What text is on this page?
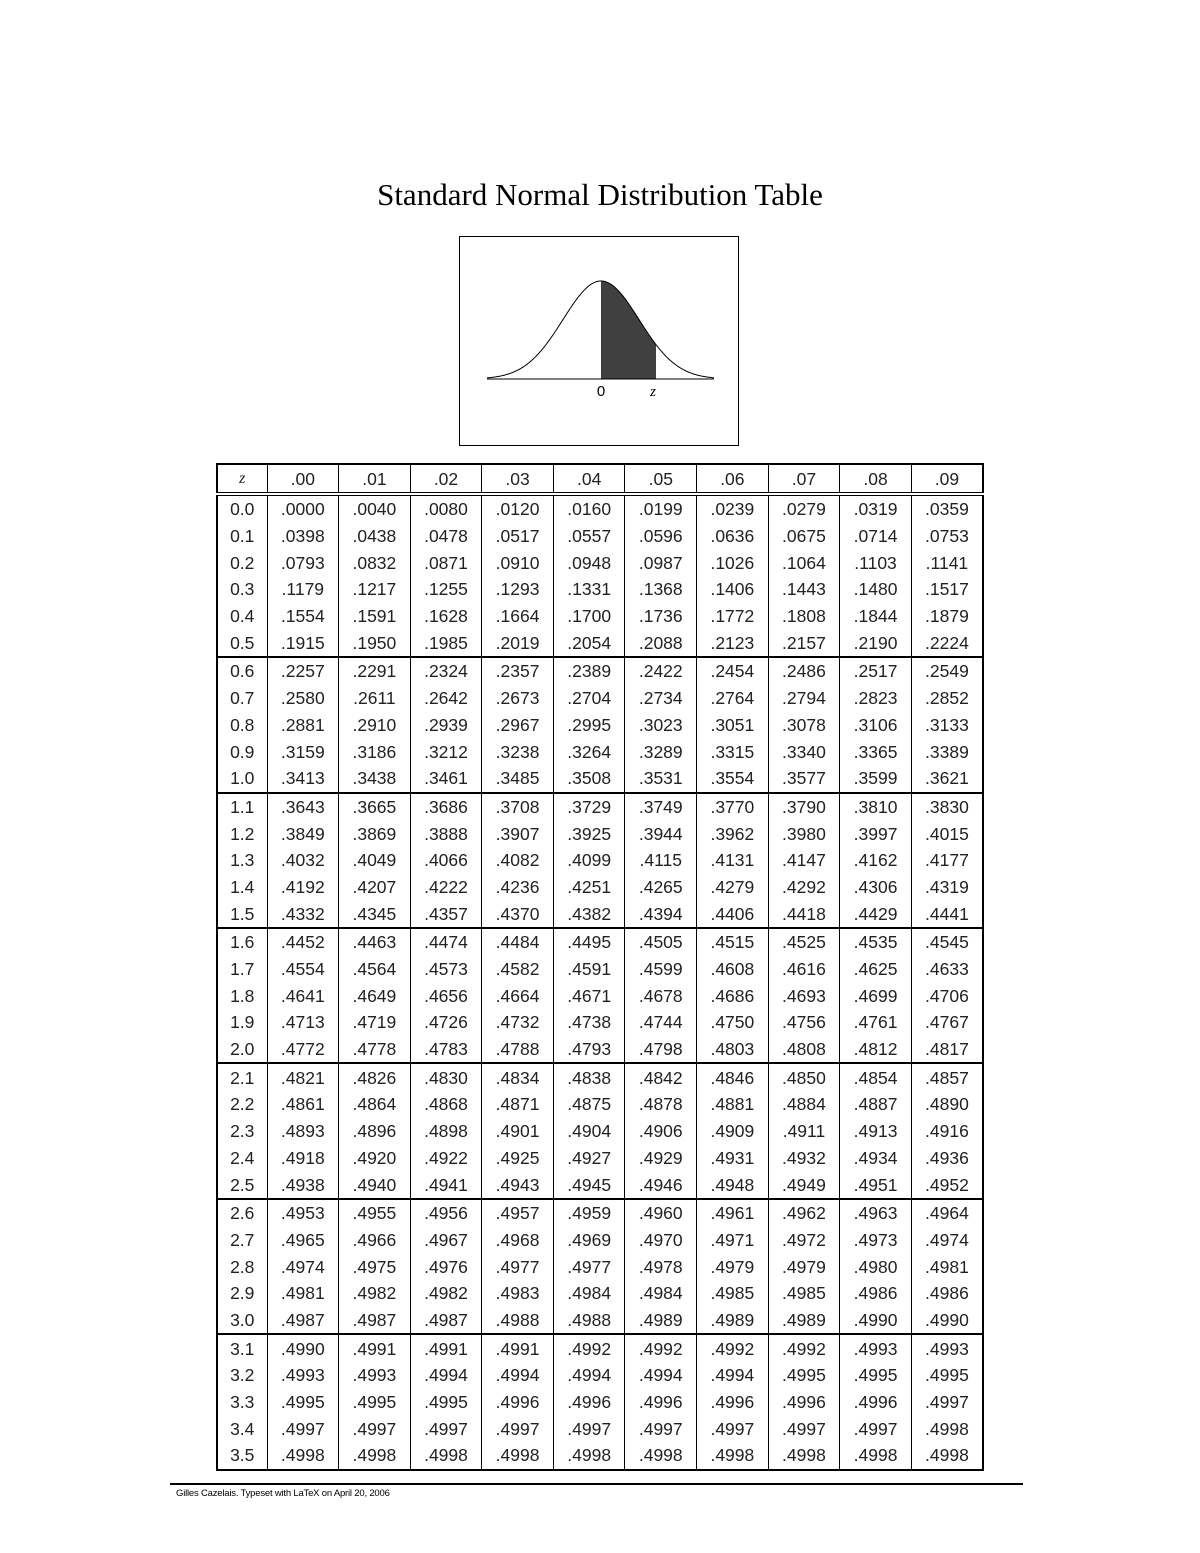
Standard Normal Distribution Table
0	z
z	.00	.01	.02	.03	.04	.05	.06	.07	.08	.09
0.0	.0000	.0040	.0080	.0120	.0160	.0199	.0239	.0279	.0319	.0359
0.1	.0398	.0438	.0478	.0517	.0557	.0596	.0636	.0675	.0714	.0753
0.2	.0793	.0832	.0871	.0910	.0948	.0987	.1026	.1064	.1103	.1141
0.3	.1179	.1217	.1255	.1293	.1331	.1368	.1406	.1443	.1480	.1517
0.4	.1554	.1591	.1628	.1664	.1700	.1736	.1772	.1808	.1844	.1879
0.5	.1915	.1950	.1985	.2019	.2054	.2088	.2123	.2157	.2190	.2224
0.6	.2257	.2291	.2324	.2357	.2389	.2422	.2454	.2486	.2517	.2549
0.7	.2580	.2611	.2642	.2673	.2704	.2734	.2764	.2794	.2823	.2852
0.8	.2881	.2910	.2939	.2967	.2995	.3023	.3051	.3078	.3106	.3133
0.9	.3159	.3186	.3212	.3238	.3264	.3289	.3315	.3340	.3365	.3389
1.0	.3413	.3438	.3461	.3485	.3508	.3531	.3554	.3577	.3599	.3621
1.1	.3643	.3665	.3686	.3708	.3729	.3749	.3770	.3790	.3810	.3830
1.2	.3849	.3869	.3888	.3907	.3925	.3944	.3962	.3980	.3997	.4015
1.3	.4032	.4049	.4066	.4082	.4099	.4115	.4131	.4147	.4162	.4177
1.4	.4192	.4207	.4222	.4236	.4251	.4265	.4279	.4292	.4306	.4319
1.5	.4332	.4345	.4357	.4370	.4382	.4394	.4406	.4418	.4429	.4441
1.6	.4452	.4463	.4474	.4484	.4495	.4505	.4515	.4525	.4535	.4545
1.7	.4554	.4564	.4573	.4582	.4591	.4599	.4608	.4616	.4625	.4633
1.8	.4641	.4649	.4656	.4664	.4671	.4678	.4686	.4693	.4699	.4706
1.9	.4713	.4719	.4726	.4732	.4738	.4744	.4750	.4756	.4761	.4767
2.0	.4772	.4778	.4783	.4788	.4793	.4798	.4803	.4808	.4812	.4817
2.1	.4821	.4826	.4830	.4834	.4838	.4842	.4846	.4850	.4854	.4857
2.2	.4861	.4864	.4868	.4871	.4875	.4878	.4881	.4884	.4887	.4890
2.3	.4893	.4896	.4898	.4901	.4904	.4906	.4909	.4911	.4913	.4916
2.4	.4918	.4920	.4922	.4925	.4927	.4929	.4931	.4932	.4934	.4936
2.5	.4938	.4940	.4941	.4943	.4945	.4946	.4948	.4949	.4951	.4952
2.6	.4953	.4955	.4956	.4957	.4959	.4960	.4961	.4962	.4963	.4964
2.7	.4965	.4966	.4967	.4968	.4969	.4970	.4971	.4972	.4973	.4974
2.8	.4974	.4975	.4976	.4977	.4977	.4978	.4979	.4979	.4980	.4981
2.9	.4981	.4982	.4982	.4983	.4984	.4984	.4985	.4985	.4986	.4986
3.0	.4987	.4987	.4987	.4988	.4988	.4989	.4989	.4989	.4990	.4990
3.1	.4990	.4991	.4991	.4991	.4992	.4992	.4992	.4992	.4993	.4993
3.2	.4993	.4993	.4994	.4994	.4994	.4994	.4994	.4995	.4995	.4995
3.3	.4995	.4995	.4995	.4996	.4996	.4996	.4996	.4996	.4996	.4997
3.4	.4997	.4997	.4997	.4997	.4997	.4997	.4997	.4997	.4997	.4998
3.5	.4998	.4998	.4998	.4998	.4998	.4998	.4998	.4998	.4998	.4998
Gilles Cazelais. Typeset with LaTeX on April 20, 2006
